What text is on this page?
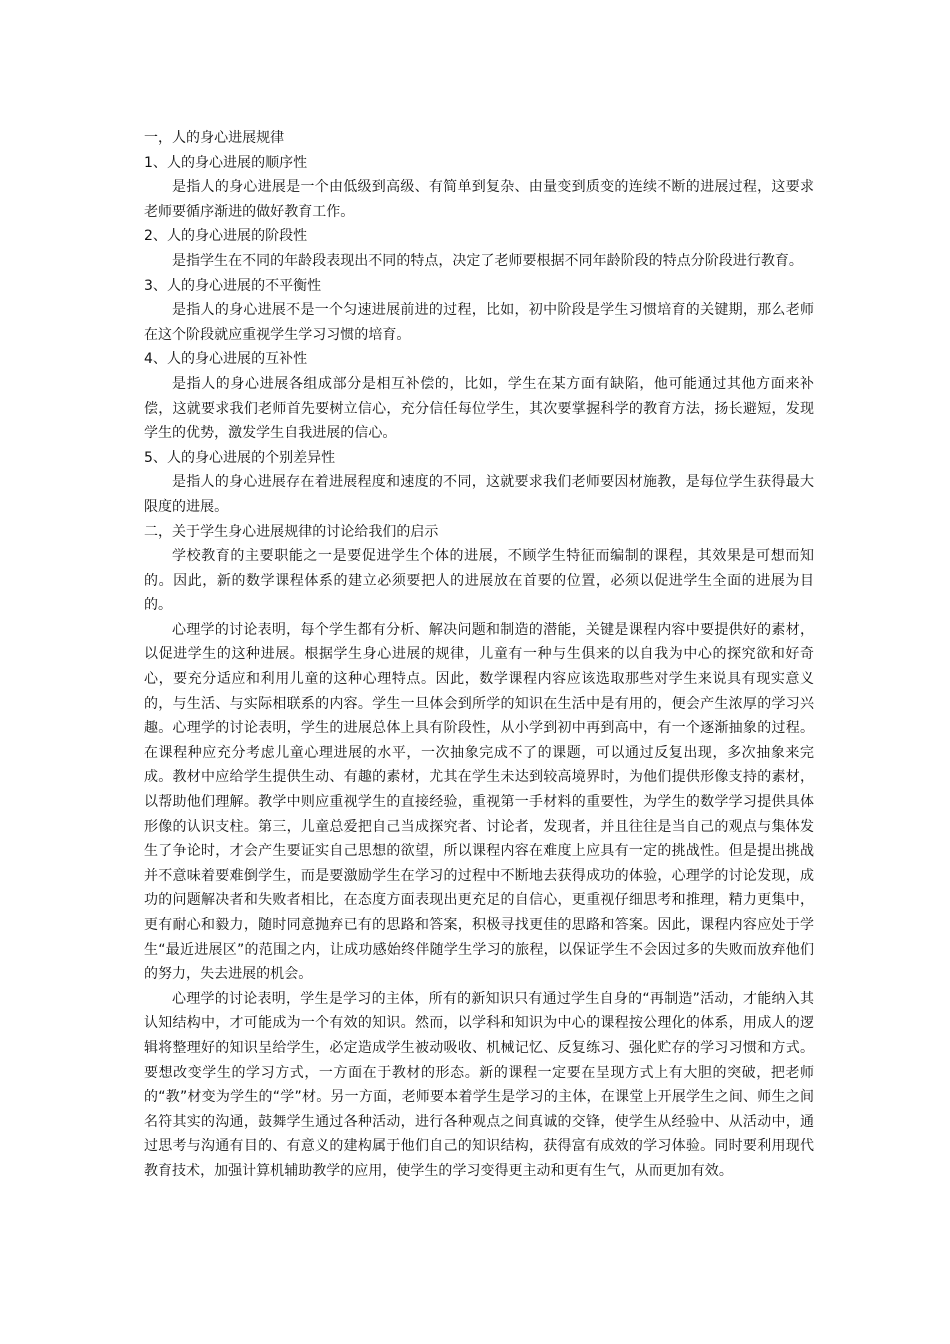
一，人的身心进展规律

1、人的身心进展的顺序性

是指人的身心进展是一个由低级到高级、有简单到复杂、由量变到质变的连续不断的进展过程，这要求老师要循序渐进的做好教育工作。

2、人的身心进展的阶段性

是指学生在不同的年龄段表现出不同的特点，决定了老师要根据不同年龄阶段的特点分阶段进行教育。

3、人的身心进展的不平衡性

是指人的身心进展不是一个匀速进展前进的过程，比如，初中阶段是学生习惯培育的关键期，那么老师在这个阶段就应重视学生学习习惯的培育。

4、人的身心进展的互补性

是指人的身心进展各组成部分是相互补偿的，比如，学生在某方面有缺陷，他可能通过其他方面来补偿，这就要求我们老师首先要树立信心，充分信任每位学生，其次要掌握科学的教育方法，扬长避短，发现学生的优势，激发学生自我进展的信心。

5、人的身心进展的个别差异性

是指人的身心进展存在着进展程度和速度的不同，这就要求我们老师要因材施教，是每位学生获得最大限度的进展。

二，关于学生身心进展规律的讨论给我们的启示

学校教育的主要职能之一是要促进学生个体的进展，不顾学生特征而编制的课程，其效果是可想而知的。因此，新的数学课程体系的建立必须要把人的进展放在首要的位置，必须以促进学生全面的进展为目的。

心理学的讨论表明，每个学生都有分析、解决问题和制造的潜能，关键是课程内容中要提供好的素材，以促进学生的这种进展。根据学生身心进展的规律，儿童有一种与生俱来的以自我为中心的探究欲和好奇心，要充分适应和利用儿童的这种心理特点。因此，数学课程内容应该选取那些对学生来说具有现实意义的，与生活、与实际相联系的内容。学生一旦体会到所学的知识在生活中是有用的，便会产生浓厚的学习兴趣。心理学的讨论表明，学生的进展总体上具有阶段性，从小学到初中再到高中，有一个逐渐抽象的过程。在课程种应充分考虑儿童心理进展的水平，一次抽象完成不了的课题，可以通过反复出现，多次抽象来完成。教材中应给学生提供生动、有趣的素材，尤其在学生未达到较高境界时，为他们提供形像支持的素材，以帮助他们理解。教学中则应重视学生的直接经验，重视第一手材料的重要性，为学生的数学学习提供具体形像的认识支柱。第三，儿童总爱把自己当成探究者、讨论者，发现者，并且往往是当自己的观点与集体发生了争论时，才会产生要证实自己思想的欲望，所以课程内容在难度上应具有一定的挑战性。但是提出挑战并不意味着要难倒学生，而是要激励学生在学习的过程中不断地去获得成功的体验，心理学的讨论发现，成功的问题解决者和失败者相比，在态度方面表现出更充足的自信心，更重视仔细思考和推理，精力更集中，更有耐心和毅力，随时同意抛弃已有的思路和答案，积极寻找更佳的思路和答案。因此，课程内容应处于学生“最近进展区”的范围之内，让成功感始终伴随学生学习的旅程，以保证学生不会因过多的失败而放弃他们的努力，失去进展的机会。

心理学的讨论表明，学生是学习的主体，所有的新知识只有通过学生自身的“再制造”活动，才能纳入其认知结构中，才可能成为一个有效的知识。然而，以学科和知识为中心的课程按公理化的体系，用成人的逻辑将整理好的知识呈给学生，必定造成学生被动吸收、机械记忆、反复练习、强化贮存的学习习惯和方式。要想改变学生的学习方式，一方面在于教材的形态。新的课程一定要在呈现方式上有大胆的突破，把老师的“教”材变为学生的“学”材。另一方面，老师要本着学生是学习的主体，在课堂上开展学生之间、师生之间名符其实的沟通，鼓舞学生通过各种活动，进行各种观点之间真诚的交锋，使学生从经验中、从活动中，通过思考与沟通有目的、有意义的建构属于他们自己的知识结构，获得富有成效的学习体验。同时要利用现代教育技术，加强计算机辅助教学的应用，使学生的学习变得更主动和更有生气，从而更加有效。
